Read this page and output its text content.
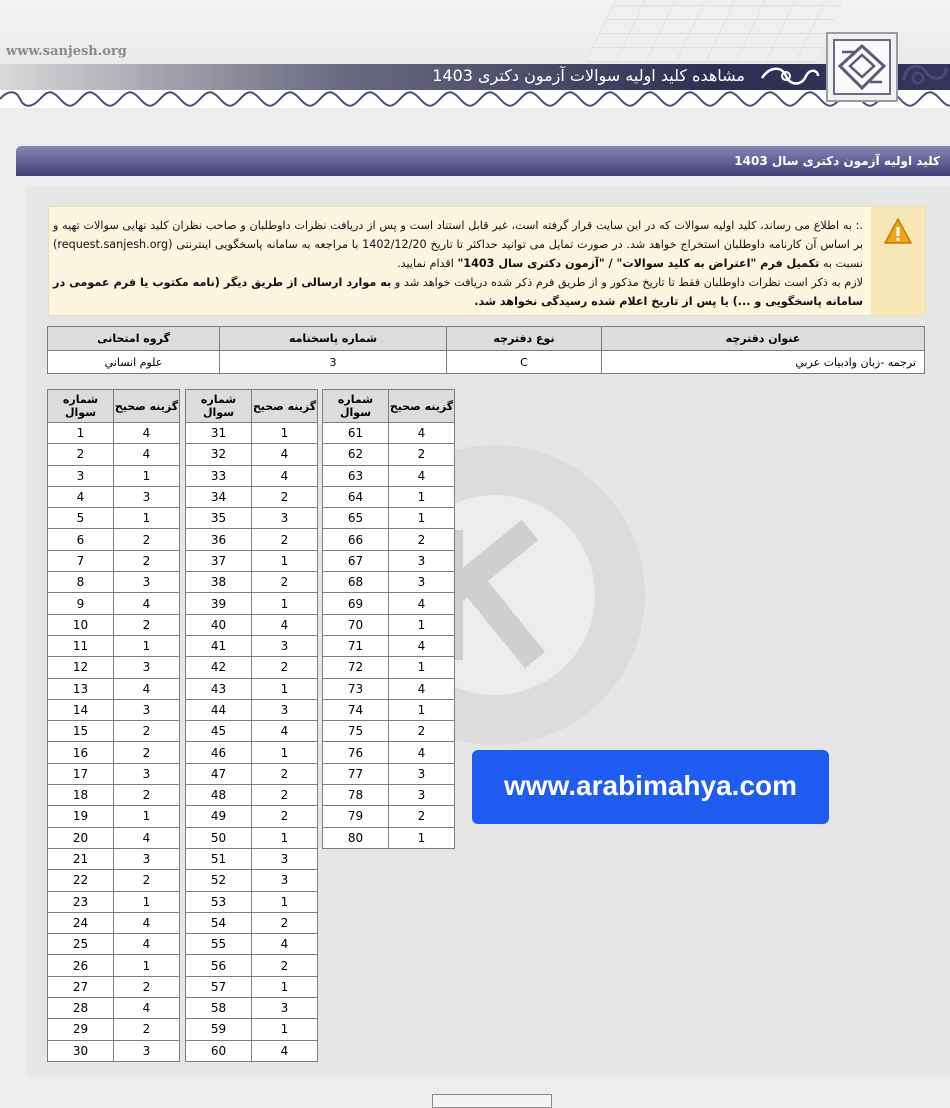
www.sanjesh.org
مشاهده کلید اولیه سوالات آزمون دکتری 1403
کلید اولیه آزمون دکتری سال 1403
.: به اطلاع می رساند، کلید اولیه سوالات که در این سایت قرار گرفته است، غیر قابل استناد است و پس از دریافت نظرات داوطلبان و صاحب نظران کلید نهایی سوالات تهیه و بر اساس آن کارنامه داوطلبان استخراج خواهد شد. در صورت تمایل می توانید حداکثر تا تاریخ 1402/12/20 با مراجعه به سامانه پاسخگویی اینترنتی (request.sanjesh.org) نسبت به تکمیل فرم "اعتراض به کلید سوالات" / "آزمون دکتری سال 1403" اقدام نمایید.
لازم به ذکر است نظرات داوطلبان فقط تا تاریخ مذکور و از طریق فرم ذکر شده دریافت خواهد شد و به موارد ارسالی از طریق دیگر (نامه مکتوب یا فرم عمومی در سامانه پاسخگویی و ...) یا پس از تاریخ اعلام شده رسیدگی نخواهد شد.
عنوان دفترچه	نوع دفترچه	شماره پاسخنامه	گروه امتحانی
ترجمه -زبان وادبیات عربي	C	3	علوم انساني
گزینه صحیح	شماره سوال
4	1
4	2
1	3
3	4
1	5
2	6
2	7
3	8
4	9
2	10
1	11
3	12
4	13
3	14
2	15
2	16
3	17
2	18
1	19
4	20
3	21
2	22
1	23
4	24
4	25
1	26
2	27
4	28
2	29
3	30
گزینه صحیح	شماره سوال
1	31
4	32
4	33
2	34
3	35
2	36
1	37
2	38
1	39
4	40
3	41
2	42
1	43
3	44
4	45
1	46
2	47
2	48
2	49
1	50
3	51
3	52
1	53
2	54
4	55
2	56
1	57
3	58
1	59
4	60
گزینه صحیح	شماره سوال
4	61
2	62
4	63
1	64
1	65
2	66
3	67
3	68
4	69
1	70
4	71
1	72
4	73
1	74
2	75
4	76
3	77
3	78
2	79
1	80
www.arabimahya.com
